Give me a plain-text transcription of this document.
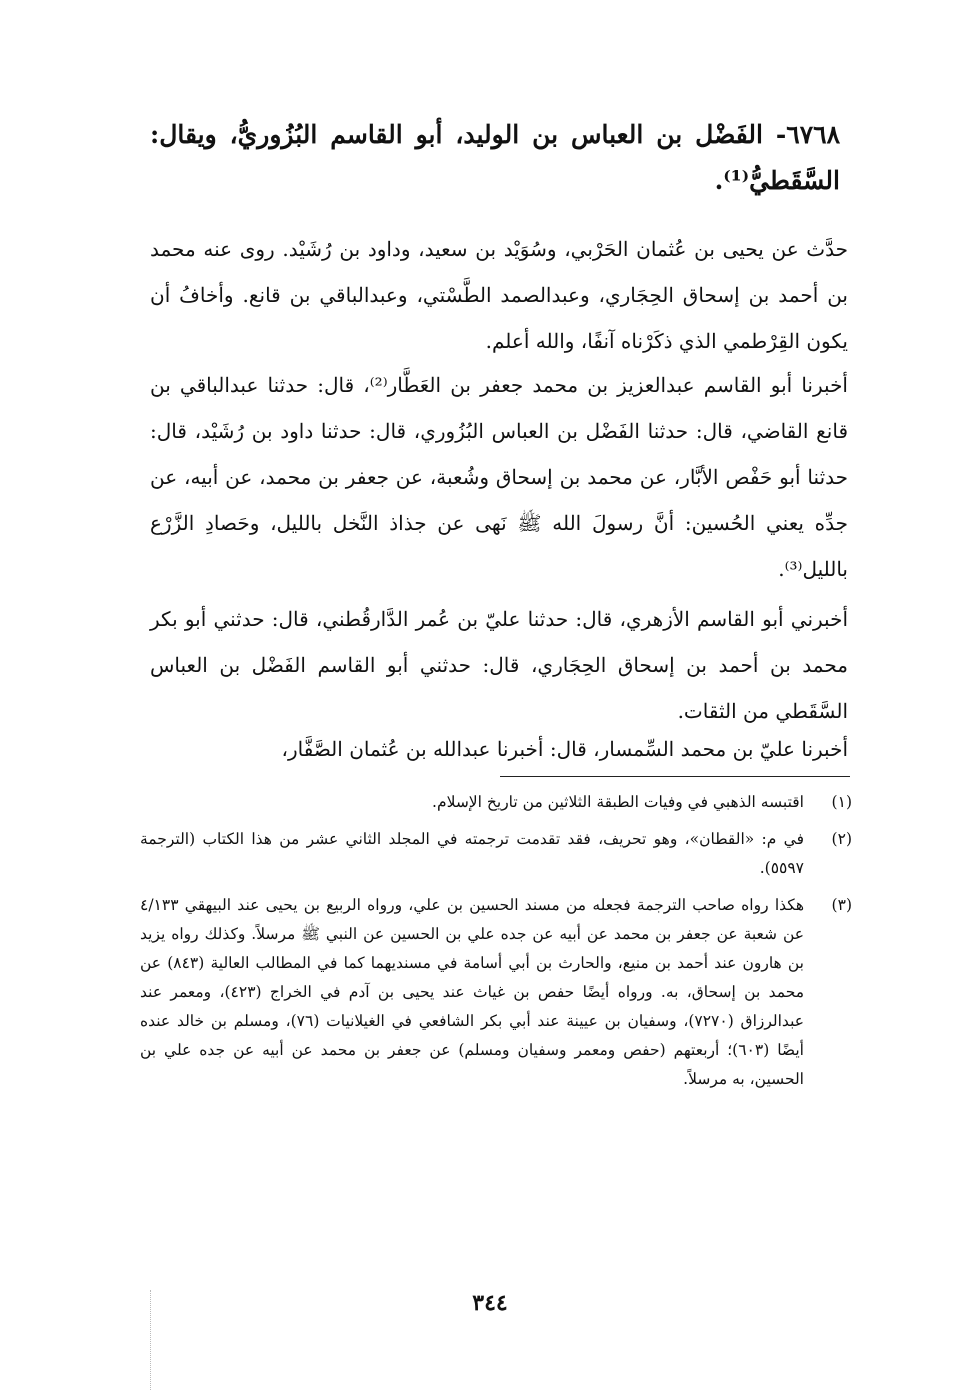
٦٧٦٨- الفَضْل بن العباس بن الوليد، أبو القاسم البُزُوريُّ، ويقال: السَّقَطيُّ⁽¹⁾.
حدَّث عن يحيى بن عُثمان الحَرْبي، وسُوَيْد بن سعيد، وداود بن رُشَيْد. روى عنه محمد بن أحمد بن إسحاق الحِجَاري، وعبدالصمد الطَّسْتي، وعبدالباقي بن قانع. وأخافُ أن يكون القِرْطمي الذي ذكَرْناه آنفًا، والله أعلم.
أخبرنا أبو القاسم عبدالعزيز بن محمد جعفر بن العَطَّار⁽²⁾، قال: حدثنا عبدالباقي بن قانع القاضي، قال: حدثنا الفَضْل بن العباس البُزُوري، قال: حدثنا داود بن رُشَيْد، قال: حدثنا أبو حَفْص الأبَّار، عن محمد بن إسحاق وشُعبة، عن جعفر بن محمد، عن أبيه، عن جدِّه يعني الحُسين: أنَّ رسولَ الله ﷺ نَهى عن جذاذ النَّخل بالليل، وحَصادِ الزَّرْع بالليل⁽³⁾.
أخبرني أبو القاسم الأزهري، قال: حدثنا عليّ بن عُمر الدَّارقُطني، قال: حدثني أبو بكر محمد بن أحمد بن إسحاق الحِجَاري، قال: حدثني أبو القاسم الفَضْل بن العباس السَّقَطي من الثقات.
أخبرنا عليّ بن محمد السِّمسار، قال: أخبرنا عبدالله بن عُثمان الصَّفَّار،
(١)
اقتبسه الذهبي في وفيات الطبقة الثلاثين من تاريخ الإسلام.
(٢)
في م: «القطان»، وهو تحريف، فقد تقدمت ترجمته في المجلد الثاني عشر من هذا الكتاب (الترجمة ٥٥٩٧).
(٣)
هكذا رواه صاحب الترجمة فجعله من مسند الحسين بن علي، ورواه الربيع بن يحيى عند البيهقي ٤/١٣٣ عن شعبة عن جعفر بن محمد عن أبيه عن جده علي بن الحسين عن النبي ﷺ مرسلاً. وكذلك رواه يزيد بن هارون عند أحمد بن منيع، والحارث بن أبي أسامة في مسنديهما كما في المطالب العالية (٨٤٣) عن محمد بن إسحاق، به. ورواه أيضًا حفص بن غياث عند يحيى بن آدم في الخراج (٤٢٣)، ومعمر عند عبدالرزاق (٧٢٧٠)، وسفيان بن عيينة عند أبي بكر الشافعي في الغيلانيات (٧٦)، ومسلم بن خالد عنده أيضًا (٦٠٣)؛ أربعتهم (حفص ومعمر وسفيان ومسلم) عن جعفر بن محمد عن أبيه عن جده علي بن الحسين، به مرسلاً.
٣٤٤
